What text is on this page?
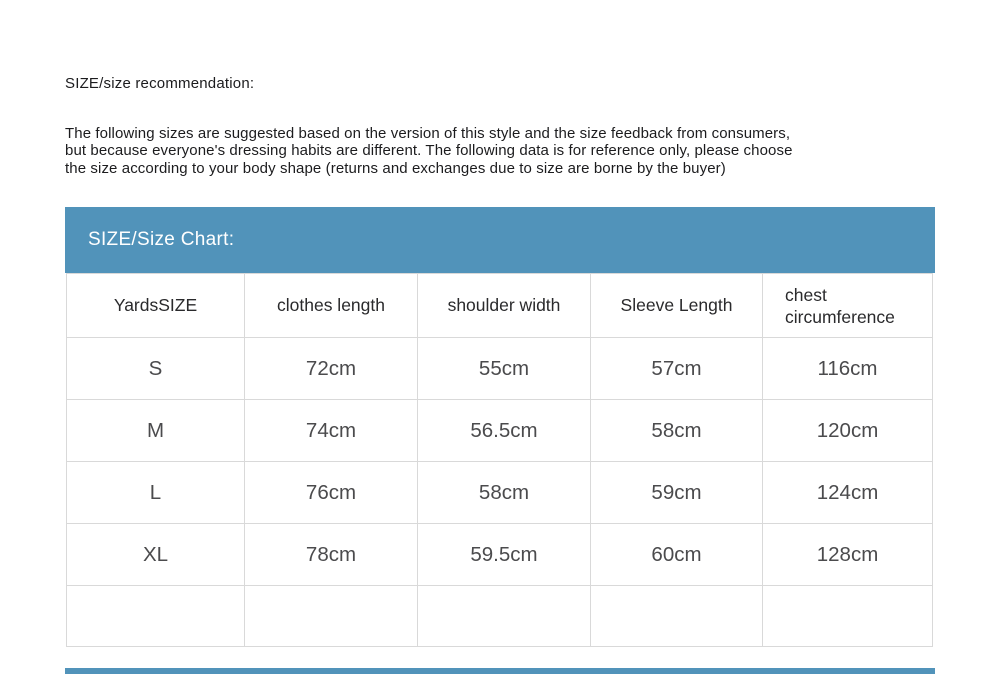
SIZE/size recommendation:
The following sizes are suggested based on the version of this style and the size feedback from consumers,
but because everyone's dressing habits are different. The following data is for reference only, please choose
the size according to your body shape (returns and exchanges due to size are borne by the buyer)
SIZE/Size Chart:
YardsSIZE	clothes length	shoulder width	Sleeve Length	chest circumference
S	72cm	55cm	57cm	116cm
M	74cm	56.5cm	58cm	120cm
L	76cm	58cm	59cm	124cm
XL	78cm	59.5cm	60cm	128cm
